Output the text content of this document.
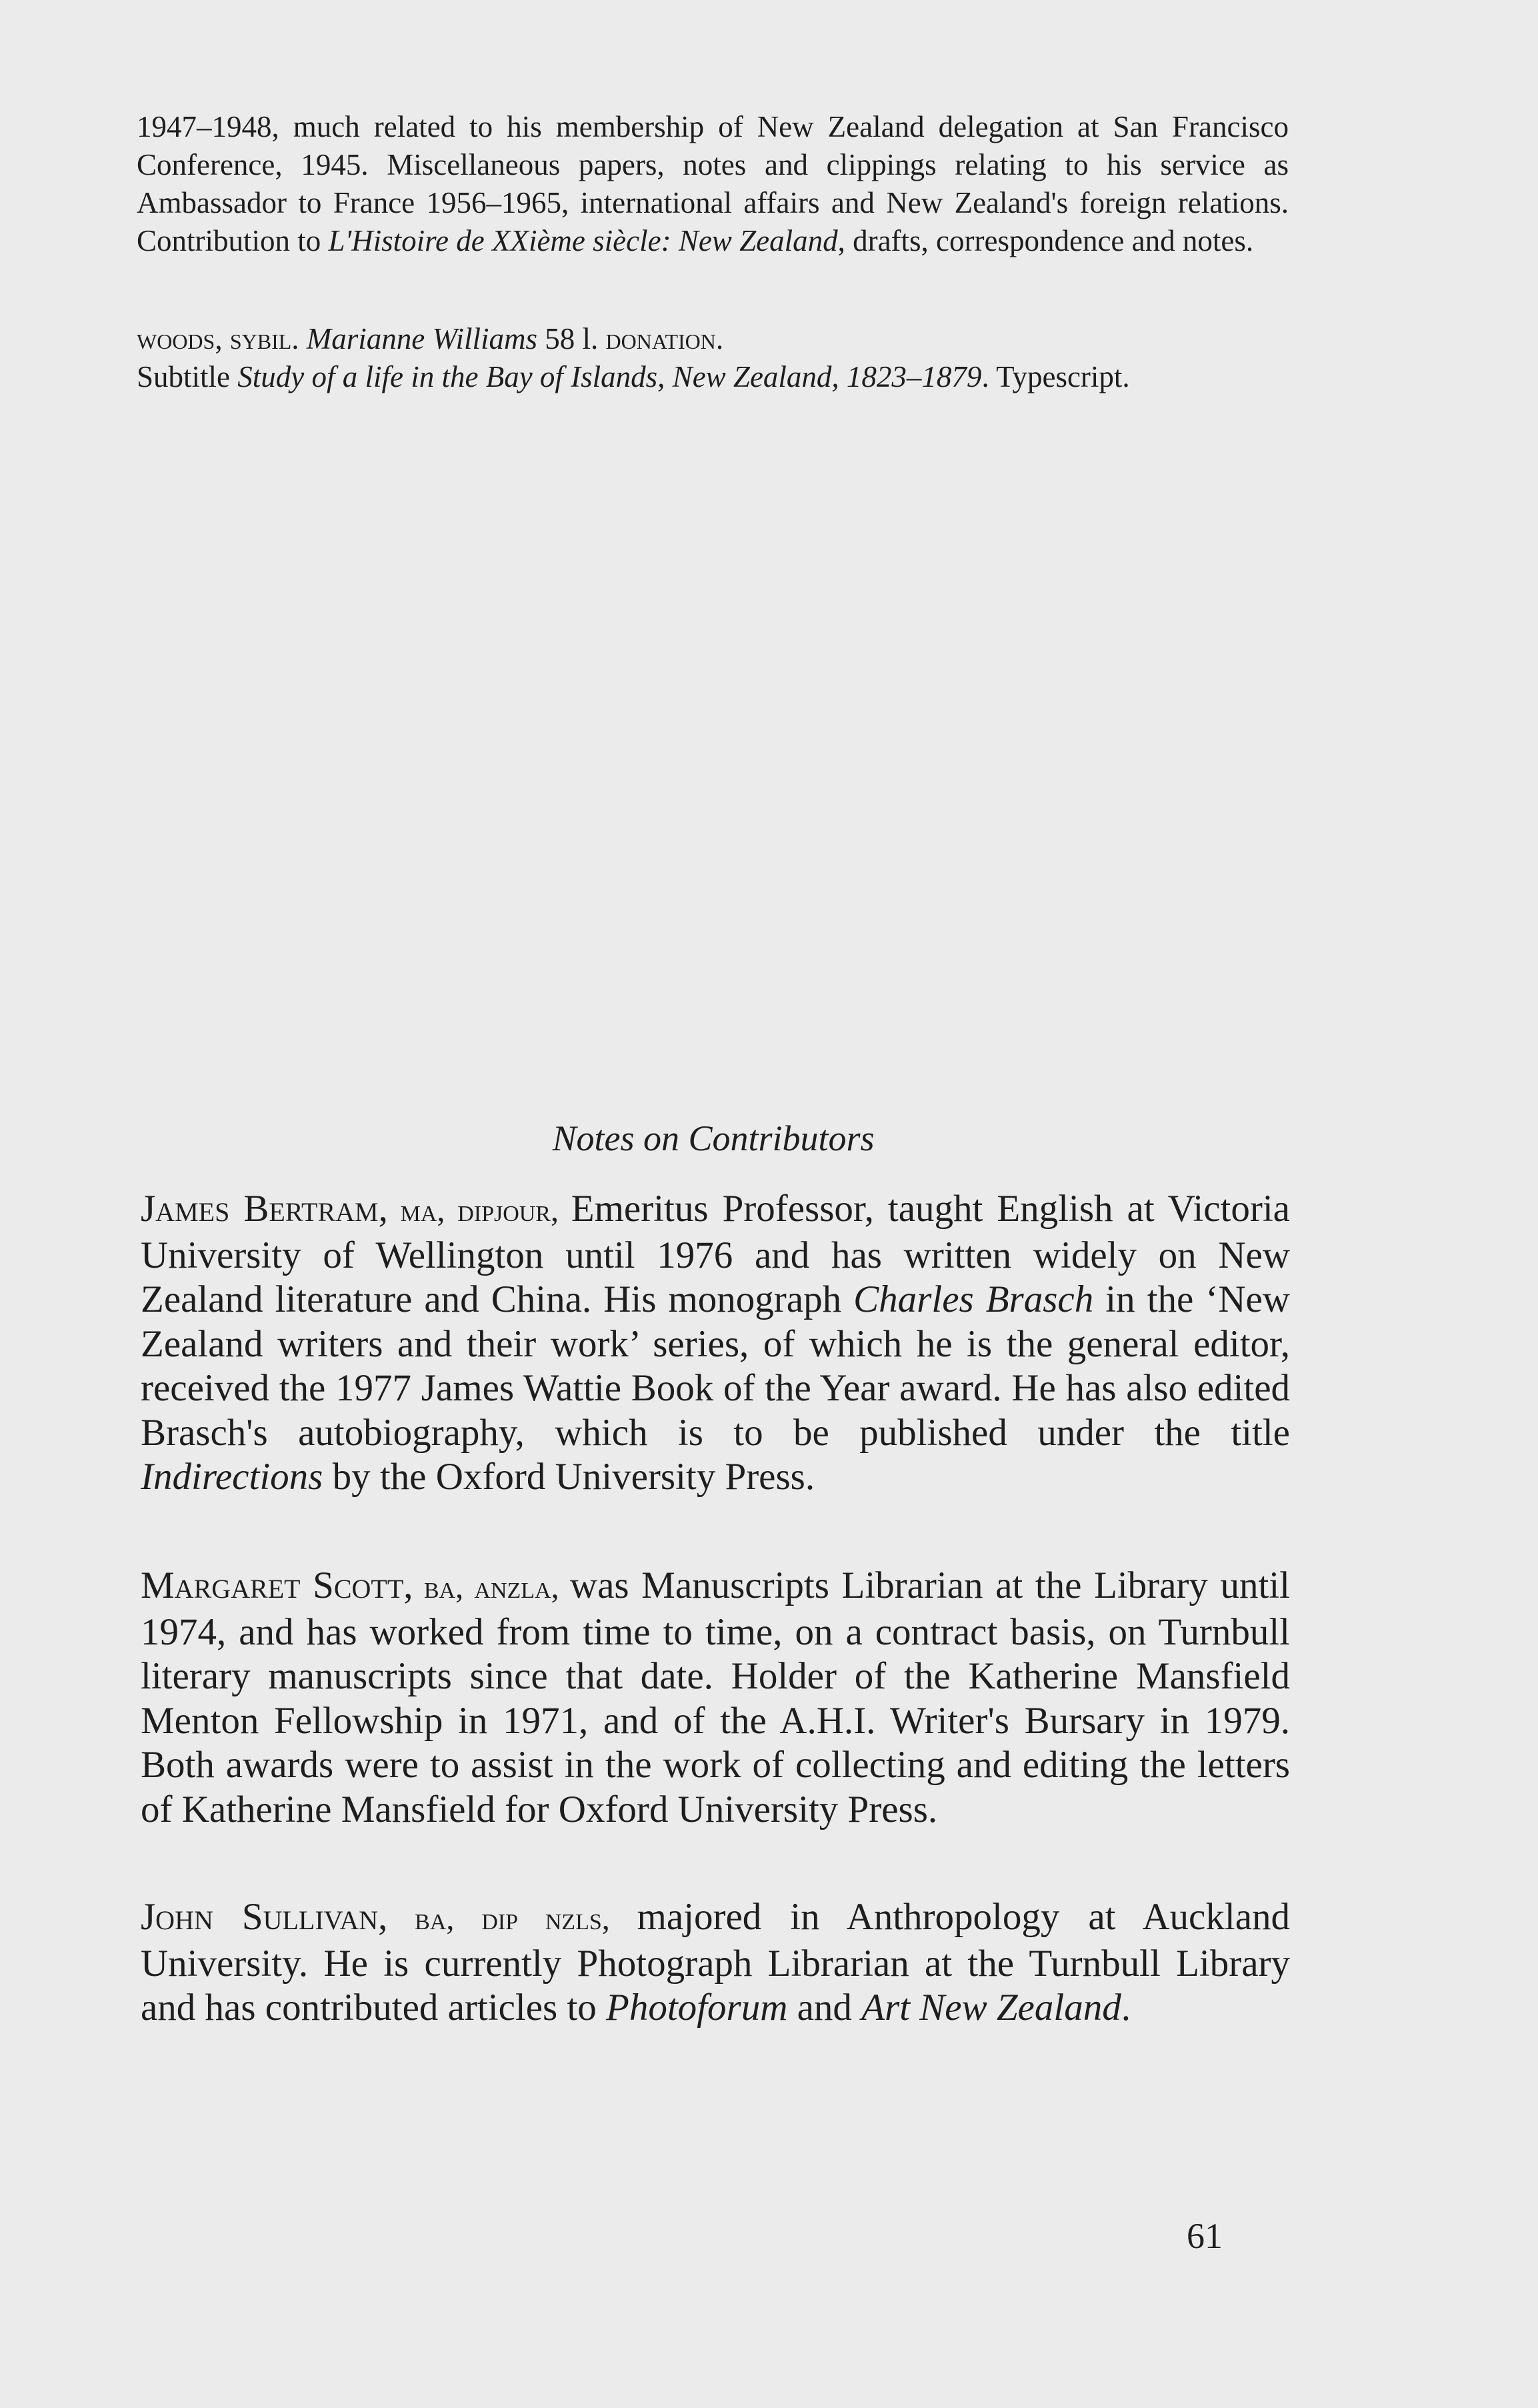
1947–1948, much related to his membership of New Zealand delegation at San Francisco Conference, 1945. Miscellaneous papers, notes and clippings relating to his service as Ambassador to France 1956–1965, international affairs and New Zealand's foreign relations. Contribution to L'Histoire de XXième siècle: New Zealand, drafts, correspondence and notes.

woods, sybil. Marianne Williams 58 l. donation.
Subtitle Study of a life in the Bay of Islands, New Zealand, 1823–1879. Typescript.
Notes on Contributors

James Bertram, ma, dipjour, Emeritus Professor, taught English at Victoria University of Wellington until 1976 and has written widely on New Zealand literature and China. His monograph Charles Brasch in the ‘New Zealand writers and their work’ series, of which he is the general editor, received the 1977 James Wattie Book of the Year award. He has also edited Brasch's autobiography, which is to be published under the title Indirections by the Oxford University Press.

Margaret Scott, ba, anzla, was Manuscripts Librarian at the Library until 1974, and has worked from time to time, on a contract basis, on Turnbull literary manuscripts since that date. Holder of the Katherine Mansfield Menton Fellowship in 1971, and of the A.H.I. Writer's Bursary in 1979. Both awards were to assist in the work of collecting and editing the letters of Katherine Mansfield for Oxford University Press.

John Sullivan, ba, dip nzls, majored in Anthropology at Auckland University. He is currently Photograph Librarian at the Turnbull Library and has contributed articles to Photoforum and Art New Zealand.

61
